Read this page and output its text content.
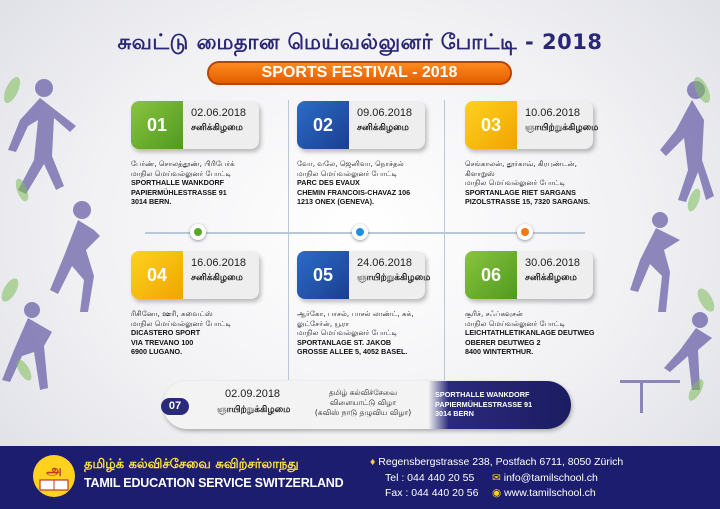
சுவட்டு மைதான மெய்வல்லுனர் போட்டி - 2018
SPORTS FESTIVAL - 2018
01
02.06.2018
சனிக்கிழமை
பேர்ண், சொலத்தூண், பிரிபேர்க்
மாநில மெய்வல்லுனர் போட்டி
SPORTHALLE WANKDORF
PAPIERMÜHLESTRASSE 91
3014 BERN.
02
09.06.2018
சனிக்கிழமை
வோ, வலே, ஜெனிவா, நொச்தல்
மாநில மெய்வல்லுனர் போட்டி
PARC DES EVAUX
CHEMIN FRANCOIS-CHAVAZ 106
1213 ONEX (GENEVA).
03
10.06.2018
ஞாயிற்றுக்கிழமை
செங்காலன், தூர்காவ், கிரபுண்டன்,
கிளாறுஸ்
மாநில மெய்வல்லுனர் போட்டி
SPORTANLAGE RIET SARGANS
PIZOLSTRASSE 15, 7320 SARGANS.
04
16.06.2018
சனிக்கிழமை
ரிசினோ, ஊரி, சுவைட்ஸ்
மாநில மெய்வல்லுனர் போட்டி
DICASTERO SPORT
VIA TREVANO 100
6900 LUGANO.
05
24.06.2018
ஞாயிற்றுக்கிழமை
ஆர்கோ, பாசல், பாசல் லாண்ட், சுக்,
லுட்சேர்ன், யூரா
மாநில மெய்வல்லுனர் போட்டி
SPORTANLAGE ST. JAKOB
GROSSE ALLEE 5, 4052 BASEL.
06
30.06.2018
சனிக்கிழமை
சூரிச், சஃப்கவுசன்
மாநில மெய்வல்லுனர் போட்டி
LEICHTATHLETIKANLAGE DEUTWEG
OBERER DEUTWEG 2
8400 WINTERTHUR.
07
02.09.2018
ஞாயிற்றுக்கிழமை
தமிழ் கல்விச்சேவை
விளையாட்டு விழா
(சுவிஸ் நாடு தழுவிய விழா)
SPORTHALLE WANKDORF
PAPIERMÜHLESTRASSE 91
3014 BERN
அ தமிழ்க் கல்விச்சேவை சுவிற்சர்லாந்து
TAMIL EDUCATION SERVICE SWITZERLAND
♦ Regensbergstrasse 238, Postfach 6711, 8050 Zürich
Tel : 044 440 20 55
Fax : 044 440 20 56
✉ info@tamilschool.ch
◉ www.tamilschool.ch
